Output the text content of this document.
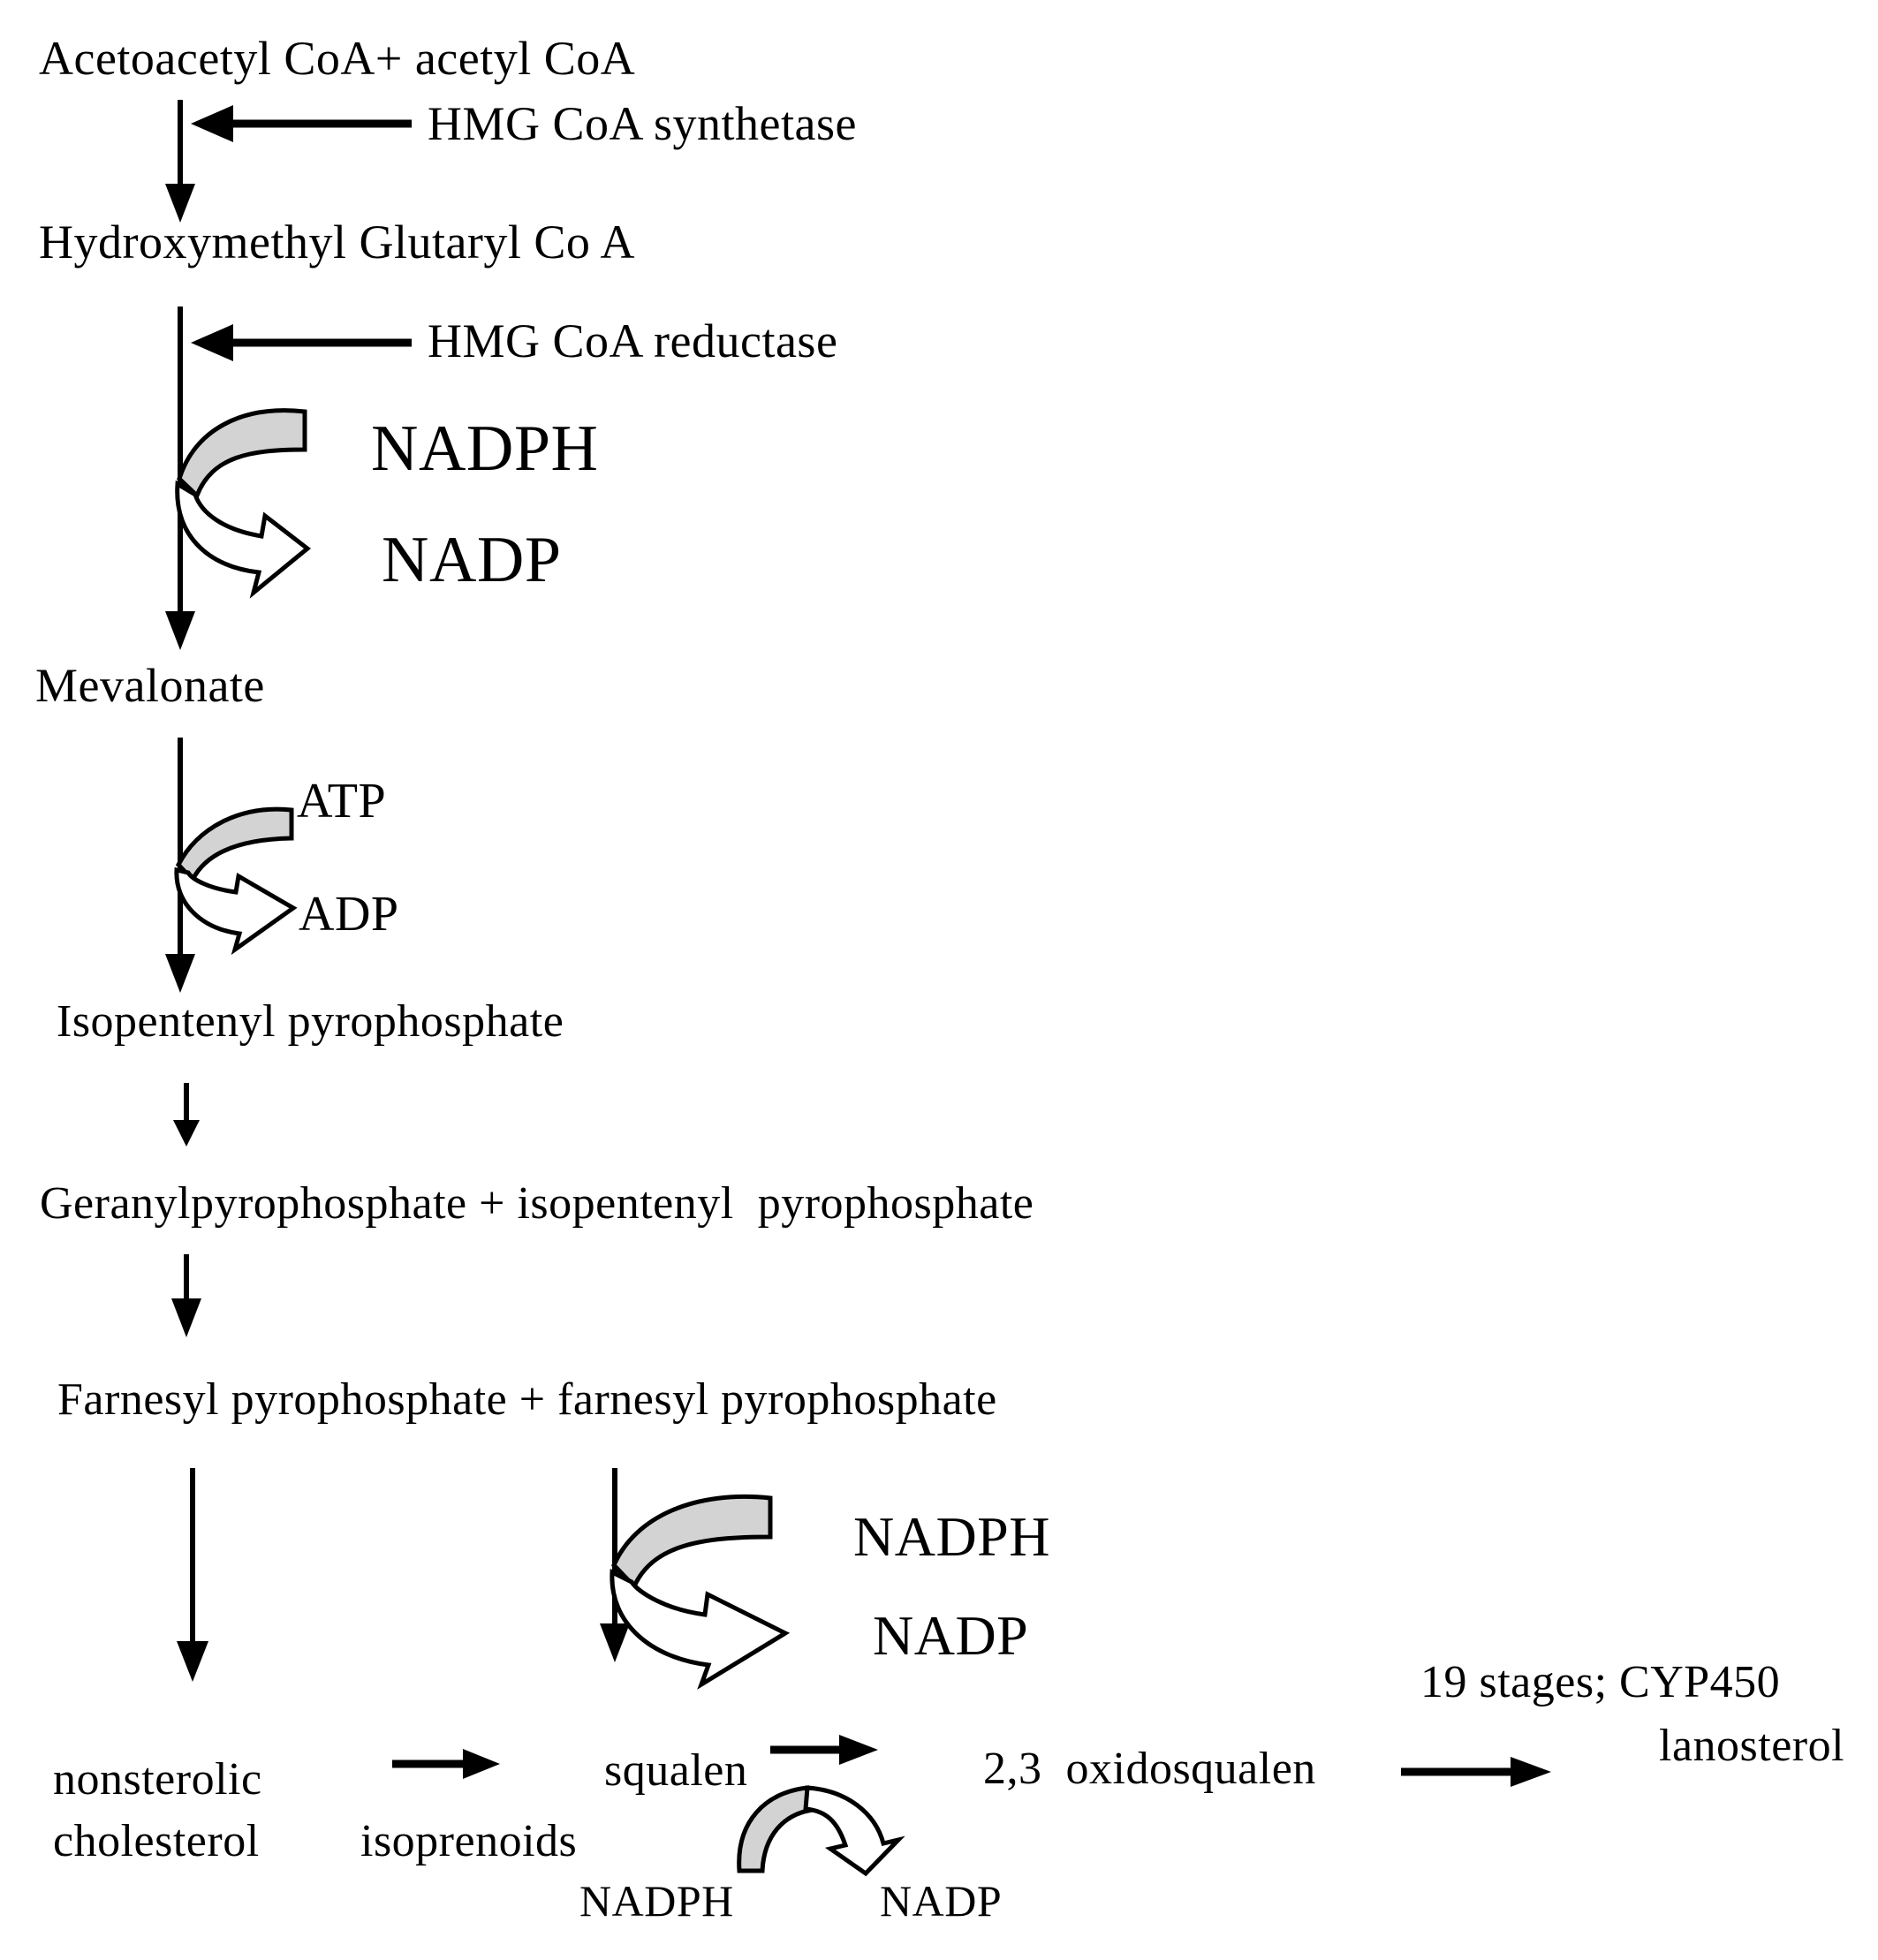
Acetoacetyl CoA+ acetyl CoA
HMG CoA synthetase
Hydroxymethyl Glutaryl Co A
HMG CoA reductase
NADPH
NADP
Mevalonate
ATP
ADP
Isopentenyl pyrophosphate
Geranylpyrophosphate + isopentenyl  pyrophosphate
Farnesyl pyrophosphate + farnesyl pyrophosphate
NADPH
NADP
19 stages; CYP450
lanosterol
2,3  oxidosqualen
nonsterolic
cholesterol isoprenoids
squalen
NADPH	NADP
